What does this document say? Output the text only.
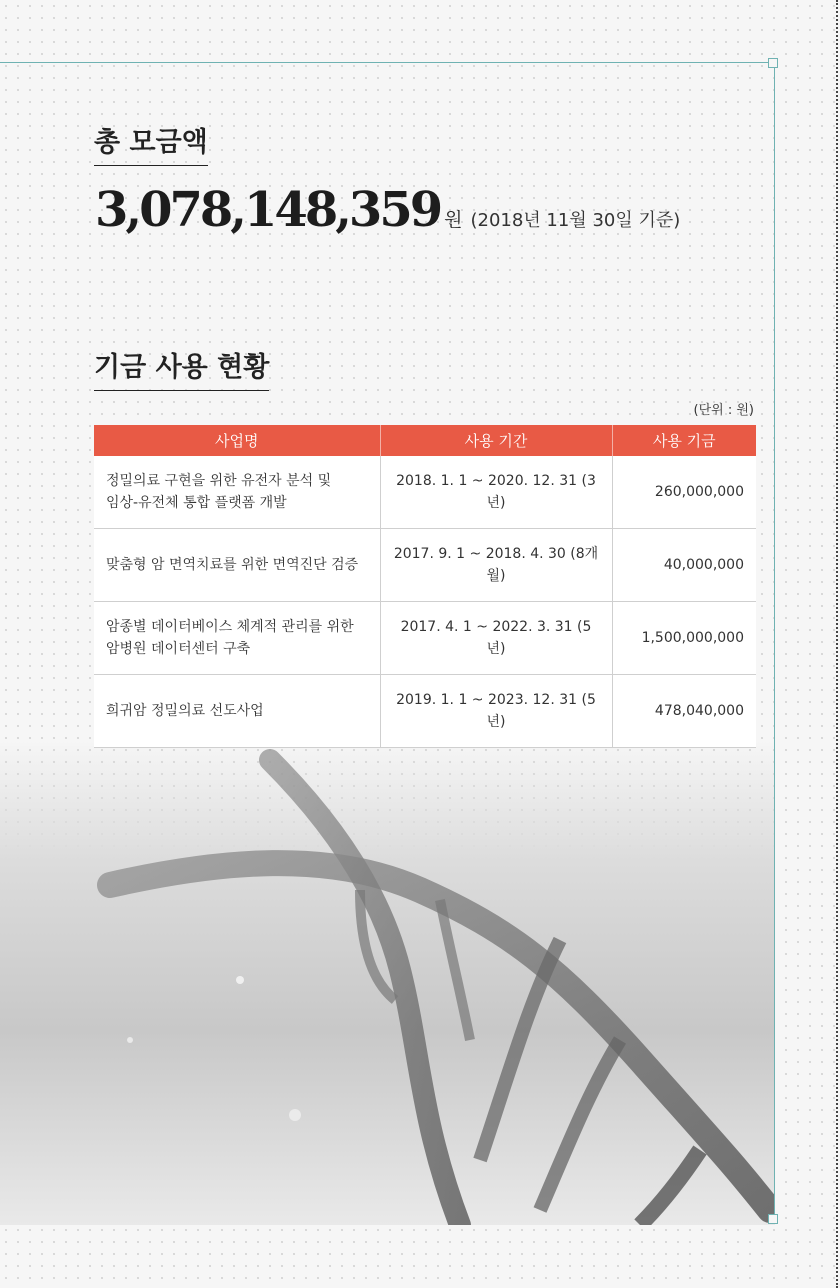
총 모금액
3,078,148,359 원 (2018년 11월 30일 기준)
기금 사용 현황
(단위 : 원)
사업명	사용 기간	사용 기금
정밀의료 구현을 위한 유전자 분석 및
임상-유전체 통합 플랫폼 개발	2018. 1. 1 ~ 2020. 12. 31 (3년)	260,000,000
맞춤형 암 면역치료를 위한 면역진단 검증	2017. 9. 1 ~ 2018. 4. 30 (8개월)	40,000,000
암종별 데이터베이스 체계적 관리를 위한
암병원 데이터센터 구축	2017. 4. 1 ~ 2022. 3. 31 (5년)	1,500,000,000
희귀암 정밀의료 선도사업	2019. 1. 1 ~ 2023. 12. 31 (5년)	478,040,000
